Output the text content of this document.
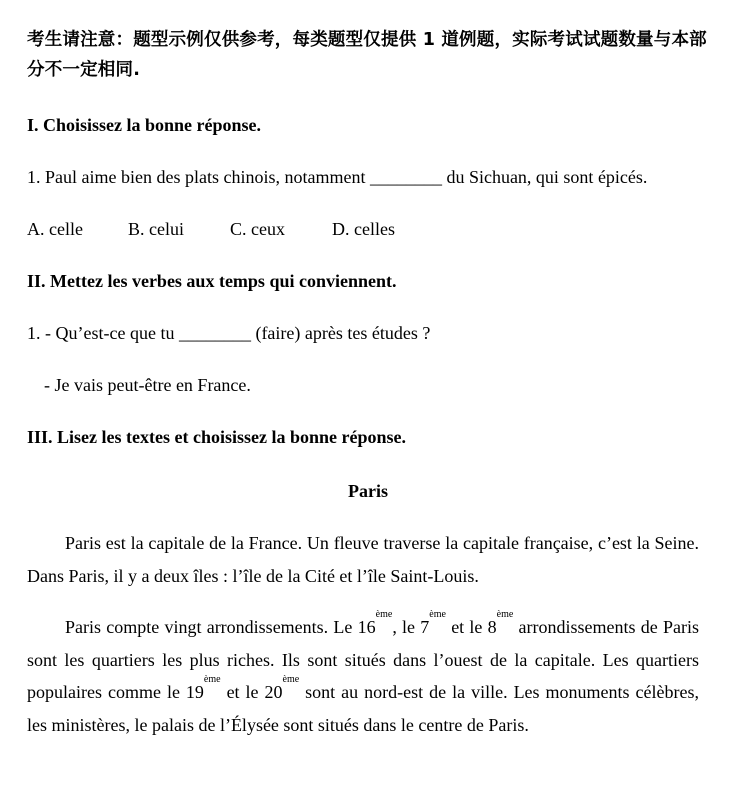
考生请注意：题型示例仅供参考，每类题型仅提供 1 道例题，实际考试试题数量与本部分不一定相同.

I. Choisissez la bonne réponse.

1. Paul aime bien des plats chinois, notamment ________ du Sichuan, qui sont épicés.

A. celle	B. celui	C. ceux	D. celles

II. Mettez les verbes aux temps qui conviennent.

1. - Qu’est-ce que tu ________ (faire) après tes études ?

- Je vais peut-être en France.

III. Lisez les textes et choisissez la bonne réponse.

Paris

Paris est la capitale de la France. Un fleuve traverse la capitale française, c’est la Seine. Dans Paris, il y a deux îles : l’île de la Cité et l’île Saint-Louis.

Paris compte vingt arrondissements. Le 16ème, le 7ème et le 8ème arrondissements de Paris sont les quartiers les plus riches. Ils sont situés dans l’ouest de la capitale. Les quartiers populaires comme le 19ème et le 20ème sont au nord-est de la ville. Les monuments célèbres, les ministères, le palais de l’Élysée sont situés dans le centre de Paris.
